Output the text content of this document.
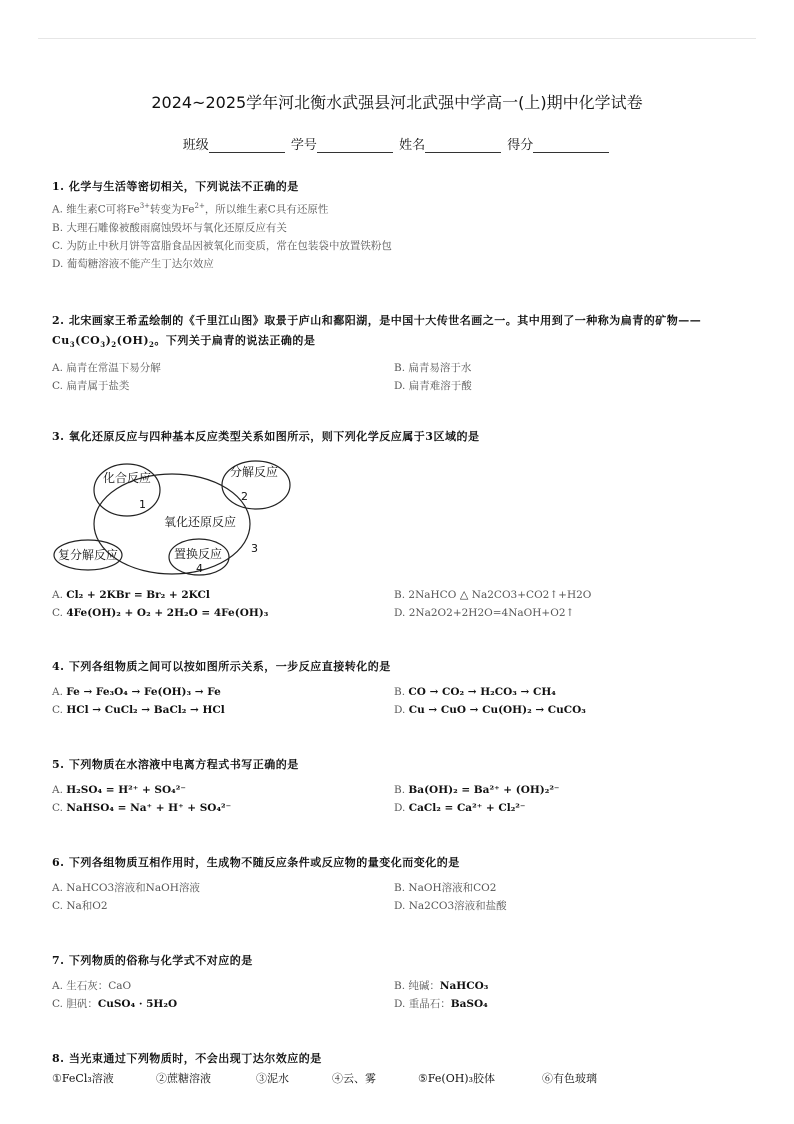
2024~2025学年河北衡水武强县河北武强中学高一(上)期中化学试卷
班级	学号	姓名	得分
1. 化学与生活等密切相关，下列说法不正确的是
A. 维生素C可将$Fe^{3+}$转变为$Fe^{2+}$，所以维生素C具有还原性
B. 大理石雕像被酸雨腐蚀毁坏与氧化还原反应有关
C. 为防止中秋月饼等富脂食品因被氧化而变质，常在包装袋中放置铁粉包
D. 葡萄糖溶液不能产生丁达尔效应
2. 北宋画家王希孟绘制的《千里江山图》取景于庐山和鄱阳湖，是中国十大传世名画之一。其中用到了一种称为扁青的矿物——
$Cu_3(CO_3)_2(OH)_2$。下列关于扁青的说法正确的是
A. 扁青在常温下易分解	B. 扁青易溶于水
C. 扁青属于盐类	D. 扁青难溶于酸
3. 氧化还原反应与四种基本反应类型关系如图所示，则下列化学反应属于3区域的是
化合反应	分解反应
氧化还原反应
复分解反应	置换反应
1
2
3
4
A. Cl₂ + 2KBr = Br₂ + 2KCl	B. 2NaHCO △ Na2CO3+CO2↑+H2O
C. 4Fe(OH)₂ + O₂ + 2H₂O = 4Fe(OH)₃	D. 2Na2O2+2H2O=4NaOH+O2↑
4. 下列各组物质之间可以按如图所示关系，一步反应直接转化的是
A. Fe → Fe₃O₄ → Fe(OH)₃ → Fe	B. CO → CO₂ → H₂CO₃ → CH₄
C. HCl → CuCl₂ → BaCl₂ → HCl	D. Cu → CuO → Cu(OH)₂ → CuCO₃
5. 下列物质在水溶液中电离方程式书写正确的是
A. H₂SO₄ = H²⁺ + SO₄²⁻	B. Ba(OH)₂ = Ba²⁺ + (OH)₂²⁻
C. NaHSO₄ = Na⁺ + H⁺ + SO₄²⁻	D. CaCl₂ = Ca²⁺ + Cl₂²⁻
6. 下列各组物质互相作用时，生成物不随反应条件或反应物的量变化而变化的是
A. NaHCO3溶液和NaOH溶液	B. NaOH溶液和CO2
C. Na和O2	D. Na2CO3溶液和盐酸
7. 下列物质的俗称与化学式不对应的是
A. 生石灰：CaO	B. 纯碱：NaHCO₃
C. 胆矾：CuSO₄ · 5H₂O	D. 重晶石：BaSO₄
8. 当光束通过下列物质时，不会出现丁达尔效应的是
①FeCl₃溶液	②蔗糖溶液	③泥水	④云、雾	⑤Fe(OH)₃胶体	⑥有色玻璃
